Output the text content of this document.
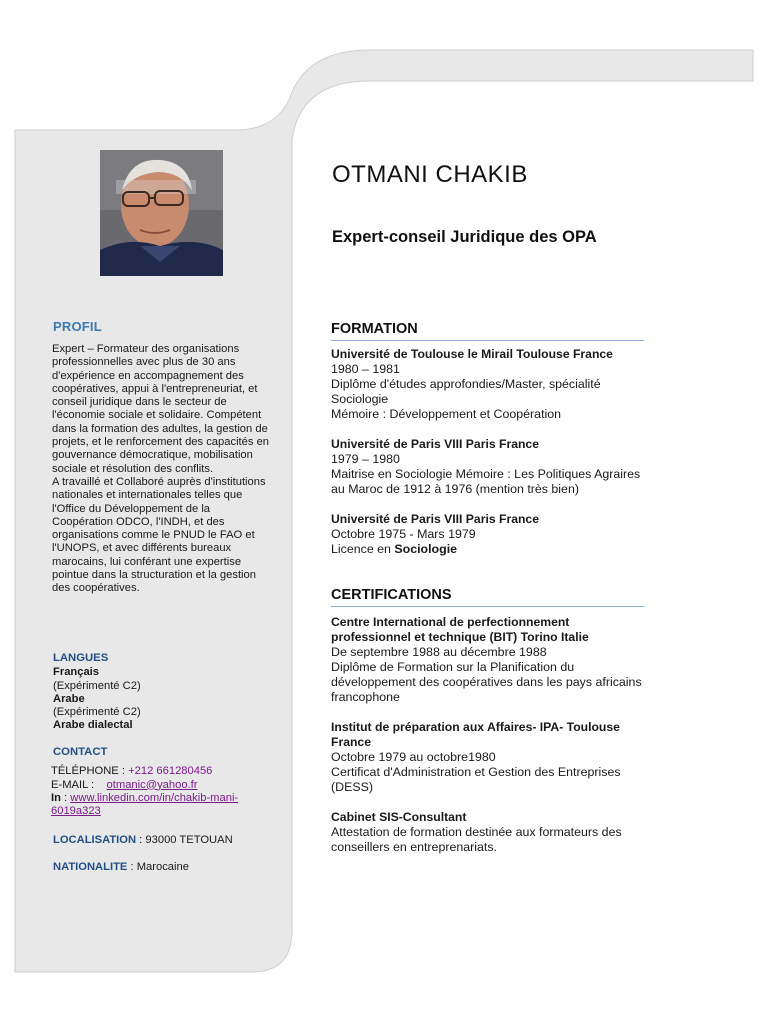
PROFIL

Expert – Formateur des organisations professionnelles avec plus de 30 ans d'expérience en accompagnement des coopératives, appui à l'entrepreneuriat, et conseil juridique dans le secteur de l'économie sociale et solidaire. Compétent dans la formation des adultes, la gestion de projets, et le renforcement des capacités en gouvernance démocratique, mobilisation sociale et résolution des conflits.

A travaillé et Collaboré auprès d'institutions nationales et internationales telles que l'Office du Développement de la Coopération ODCO, l'INDH, et des organisations comme le PNUD le FAO et l'UNOPS, et avec différents bureaux marocains, lui conférant une expertise pointue dans la structuration et la gestion des coopératives.

LANGUES
Français
(Expérimenté C2)
Arabe
(Expérimenté C2)
Arabe dialectal
CONTACT
TÉLÉPHONE : +212 661280456
E-MAIL : otmanic@yahoo.fr
In : www.linkedin.com/in/chakib-mani-6019a323
LOCALISATION : 93000 TETOUAN
NATIONALITE : Marocaine
OTMANI CHAKIB
Expert-conseil Juridique des OPA
FORMATION

Université de Toulouse le Mirail Toulouse France

1980 – 1981

Diplôme d'études approfondies/Master, spécialité Sociologie

Mémoire : Développement et Coopération

Université de Paris VIII Paris France

1979 – 1980

Maitrise en Sociologie Mémoire : Les Politiques Agraires au Maroc de 1912 à 1976 (mention très bien)

Université de Paris VIII Paris France

Octobre 1975 - Mars 1979

Licence en Sociologie

CERTIFICATIONS

Centre International de perfectionnement professionnel et technique (BIT) Torino Italie

De septembre 1988 au décembre 1988

Diplôme de Formation sur la Planification du développement des coopératives dans les pays africains francophone

Institut de préparation aux Affaires- IPA- Toulouse France

Octobre 1979 au octobre1980

Certificat d'Administration et Gestion des Entreprises (DESS)

Cabinet SIS-Consultant

Attestation de formation destinée aux formateurs des conseillers en entreprenariats.
